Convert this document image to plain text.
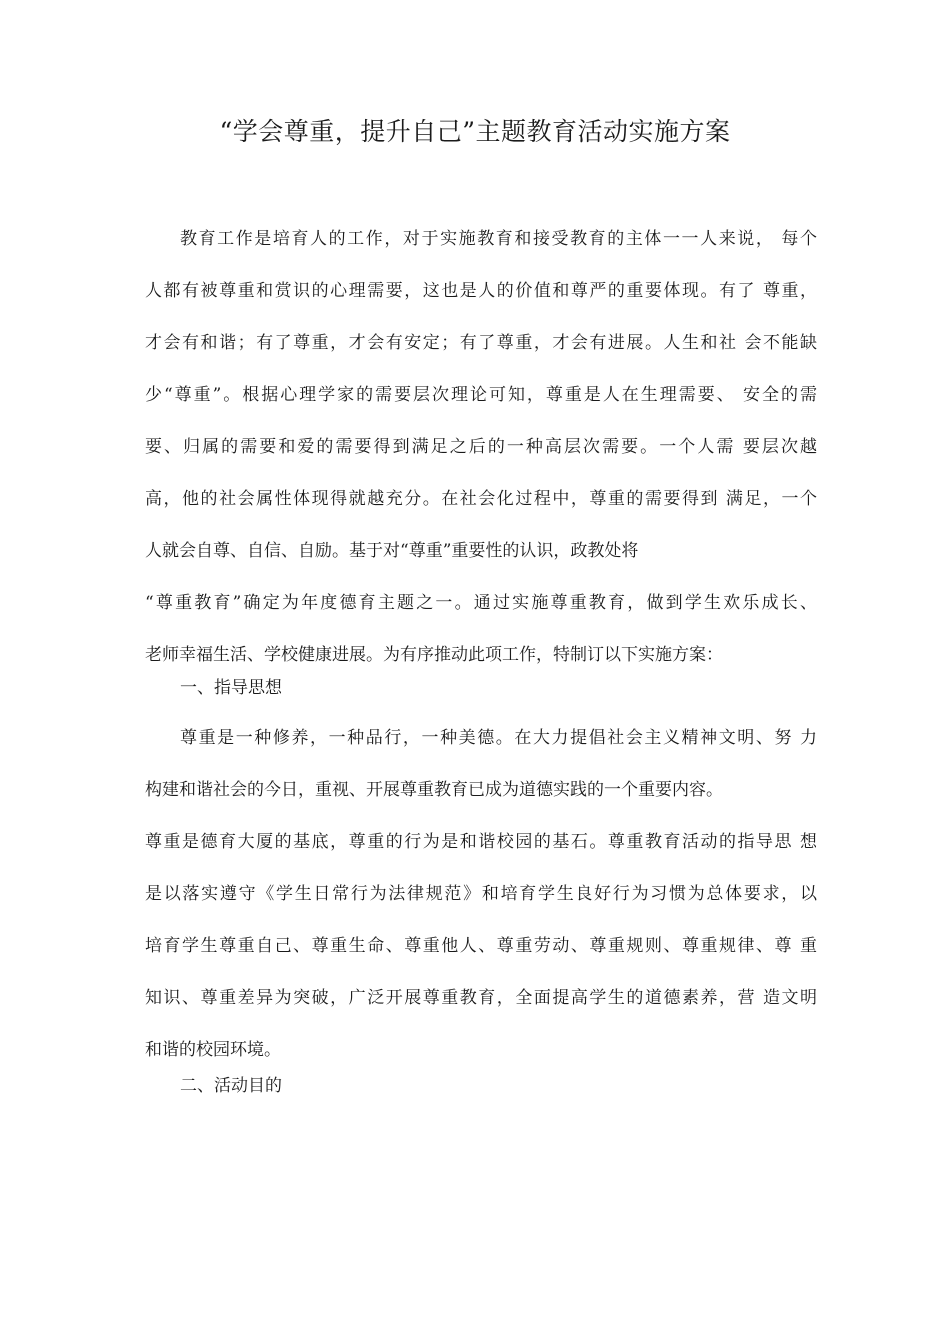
“学会尊重，提升自己”主题教育活动实施方案
教育工作是培育人的工作，对于实施教育和接受教育的主体一一人来说， 每个
人都有被尊重和赏识的心理需要，这也是人的价值和尊严的重要体现。有了 尊重，
才会有和谐；有了尊重，才会有安定；有了尊重，才会有进展。人生和社 会不能缺
少“尊重”。根据心理学家的需要层次理论可知，尊重是人在生理需要、 安全的需
要、归属的需要和爱的需要得到满足之后的一种高层次需要。一个人需 要层次越
高，他的社会属性体现得就越充分。在社会化过程中，尊重的需要得到 满足，一个
人就会自尊、自信、自励。基于对“尊重”重要性的认识，政教处将
“尊重教育”确定为年度德育主题之一。通过实施尊重教育，做到学生欢乐成长、
老师幸福生活、学校健康进展。为有序推动此项工作，特制订以下实施方案：

一、指导思想

尊重是一种修养，一种品行，一种美德。在大力提倡社会主义精神文明、努 力
构建和谐社会的今日，重视、开展尊重教育已成为道德实践的一个重要内容。
尊重是德育大厦的基底，尊重的行为是和谐校园的基石。尊重教育活动的指导思 想
是以落实遵守《学生日常行为法律规范》和培育学生良好行为习惯为总体要求，以
培育学生尊重自己、尊重生命、尊重他人、尊重劳动、尊重规则、尊重规律、尊 重
知识、尊重差异为突破，广泛开展尊重教育，全面提高学生的道德素养，营 造文明
和谐的校园环境。

二、活动目的
